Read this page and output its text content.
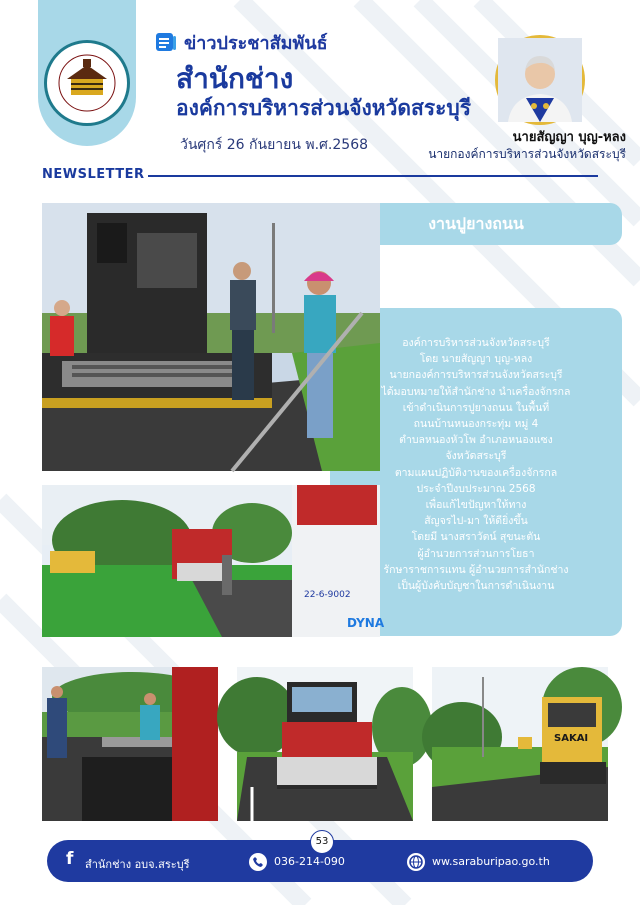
ข่าวประชาสัมพันธ์
สำนักช่าง
องค์การบริหารส่วนจังหวัดสระบุรี
วันศุกร์ 26 กันยายน พ.ศ.2568	นายสัญญา บุญ-หลง
นายกองค์การบริหารส่วนจังหวัดสระบุรี
NEWSLETTER
งานปูยางถนน
องค์การบริหารส่วนจังหวัดสระบุรี
โดย นายสัญญา บุญ-หลง
นายกองค์การบริหารส่วนจังหวัดสระบุรี
ได้มอบหมายให้สำนักช่าง นำเครื่องจักรกล
เข้าดำเนินการปูยางถนน ในพื้นที่
ถนนบ้านหนองกระทุ่ม หมู่ 4
ตำบลหนองหัวโพ อำเภอหนองแซง
จังหวัดสระบุรี
ตามแผนปฏิบัติงานของเครื่องจักรกล
ประจำปีงบประมาณ 2568
เพื่อแก้ไขปัญหาให้ทาง
สัญจรไป-มา ให้ดียิ่งขึ้น
โดยมี นางสราวัตน์ สุขนะตัน
ผู้อำนวยการส่วนการโยธา
รักษาราชการแทน ผู้อำนวยการสำนักช่าง
เป็นผู้บังคับบัญชาในการดำเนินงาน
22-6-9002
DYNA
SAKAI
53
f สำนักช่าง อบจ.สระบุรี	036-214-090	ww.saraburipao.go.th
